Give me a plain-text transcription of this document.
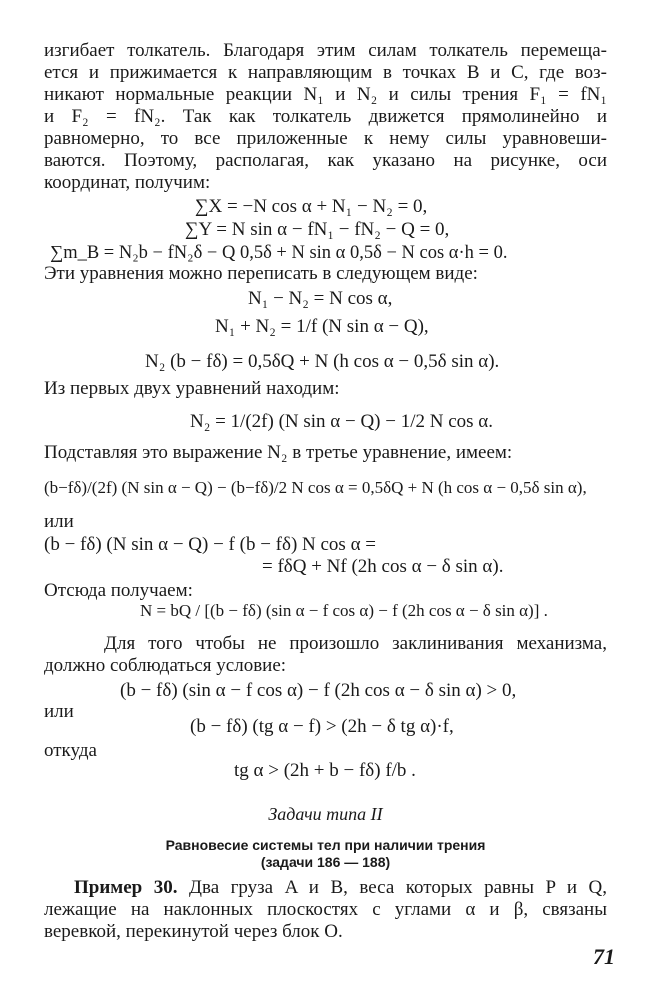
изгибает толкатель. Благодаря этим силам толкатель перемеща-
ется и прижимается к направляющим в точках B и C, где воз-
никают нормальные реакции N₁ и N₂ и силы трения F₁ = fN₁
и F₂ = fN₂. Так как толкатель движется прямолинейно и
равномерно, то все приложенные к нему силы уравновеши-
ваются. Поэтому, располагая, как указано на рисунке, оси
координат, получим:
∑X = −N cos α + N₁ − N₂ = 0,
∑Y = N sin α − fN₁ − fN₂ − Q = 0,
∑m_B = N₂b − fN₂δ − Q 0,5δ + N sin α 0,5δ − N cos α·h = 0.
Эти уравнения можно переписать в следующем виде:
N₁ − N₂ = N cos α,
N₁ + N₂ = 1/f (N sin α − Q),
N₂ (b − fδ) = 0,5δQ + N (h cos α − 0,5δ sin α).
Из первых двух уравнений находим:
N₂ = 1/(2f) (N sin α − Q) − 1/2 N cos α.
Подставляя это выражение N₂ в третье уравнение, имеем:
(b−fδ)/(2f) (N sin α − Q) − (b−fδ)/2 N cos α = 0,5δQ + N (h cos α − 0,5δ sin α),
или
(b − fδ) (N sin α − Q) − f (b − fδ) N cos α =
= fδQ + Nf (2h cos α − δ sin α).
Отсюда получаем:
N = bQ / [(b − fδ) (sin α − f cos α) − f (2h cos α − δ sin α)] .
Для того чтобы не произошло заклинивания механизма,
должно соблюдаться условие:
(b − fδ) (sin α − f cos α) − f (2h cos α − δ sin α) > 0,
или
(b − fδ) (tg α − f) > (2h − δ tg α)·f,
откуда
tg α > (2h + b − fδ) f/b .
Задачи типа II
Равновесие системы тел при наличии трения
(задачи 186 — 188)
Пример 30. Два груза A и B, веса которых равны P и Q,
лежащие на наклонных плоскостях с углами α и β, связаны
веревкой, перекинутой через блок O.
71
